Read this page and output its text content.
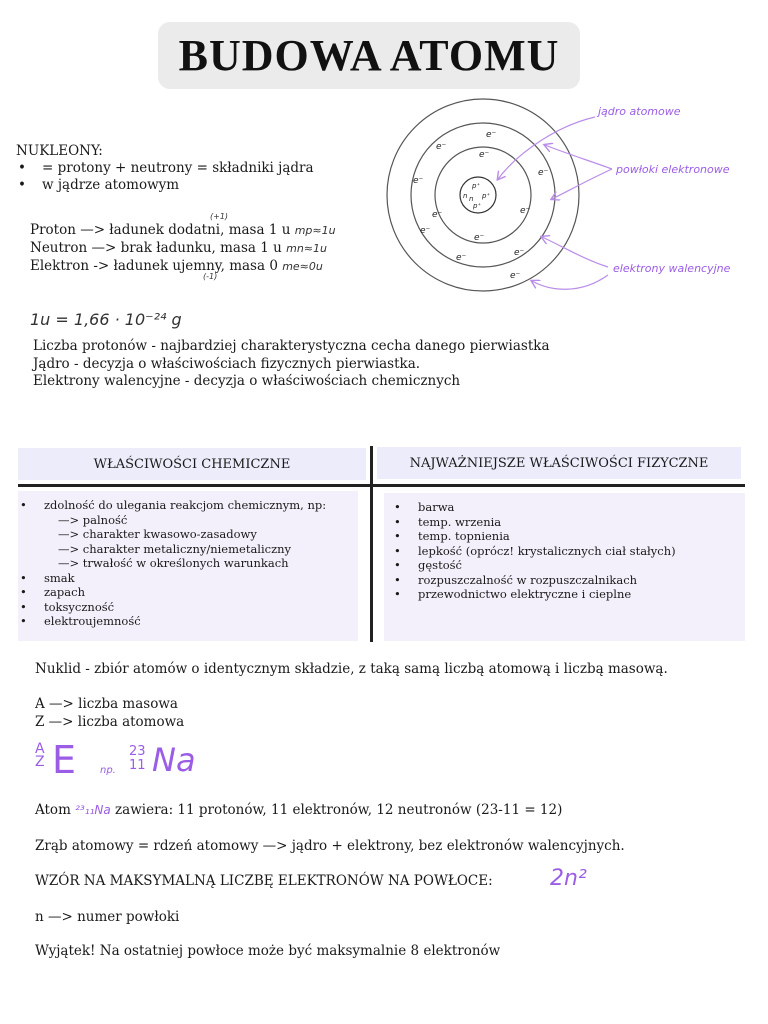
BUDOWA ATOMU
NUKLEONY:
• = protony + neutrony = składniki jądra
• w jądrze atomowym
Proton —> ładunek dodatni, masa 1 u mp≈1u
(+1)
Neutron —> brak ładunku, masa 1 u mn≈1u
Elektron -> ładunek ujemny, masa 0 me≈0u
(-1)
1u = 1,66 · 10⁻²⁴ g
Liczba protonów - najbardziej charakterystyczna cecha danego pierwiastka
Jądro - decyzja o właściwościach fizycznych pierwiastka.
Elektrony walencyjne - decyzja o właściwościach chemicznych
p⁺
n p⁺
n
p⁺
e⁻
e⁻
e⁻
e⁻
e⁻
e⁻	e⁻
e⁻
e⁻
e⁻
e⁻
e⁻
jądro atomowe
powłoki elektronowe
elektrony walencyjne
WŁAŚCIWOŚCI CHEMICZNE	NAJWAŻNIEJSZE WŁAŚCIWOŚCI FIZYCZNE
• zdolność do ulegania reakcjom chemicznym, np:
—> palność
—> charakter kwasowo-zasadowy
—> charakter metaliczny/niemetaliczny
—> trwałość w określonych warunkach
• smak
• zapach
• toksyczność
• elektroujemność
• barwa
• temp. wrzenia
• temp. topnienia
• lepkość (oprócz! krystalicznych ciał stałych)
• gęstość
• rozpuszczalność w rozpuszczalnikach
• przewodnictwo elektryczne i cieplne
Nuklid - zbiór atomów o identycznym składzie, z taką samą liczbą atomową i liczbą masową.
A —> liczba masowa
Z —> liczba atomowa
A
Z E np.
23
11 Na
Atom ²³₁₁Na zawiera: 11 protonów, 11 elektronów, 12 neutronów (23-11 = 12)
Zrąb atomowy = rdzeń atomowy —> jądro + elektrony, bez elektronów walencyjnych.
WZÓR NA MAKSYMALNĄ LICZBĘ ELEKTRONÓW NA POWŁOCE:	2n²
n —> numer powłoki
Wyjątek! Na ostatniej powłoce może być maksymalnie 8 elektronów
